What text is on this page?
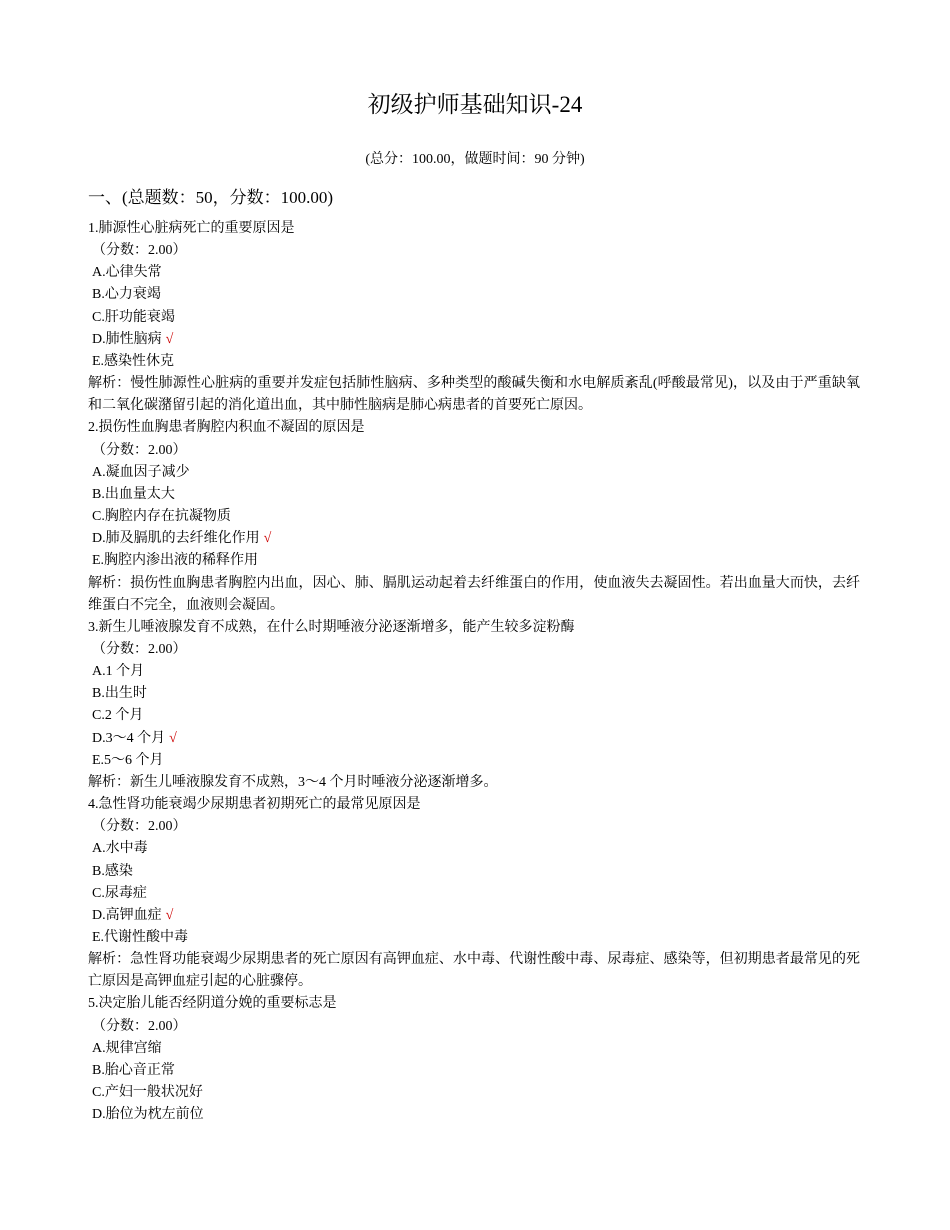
初级护师基础知识-24
(总分：100.00，做题时间：90 分钟)
一、(总题数：50，分数：100.00)
1.肺源性心脏病死亡的重要原因是
（分数：2.00）
A.心律失常
B.心力衰竭
C.肝功能衰竭
D.肺性脑病 √
E.感染性休克
解析：慢性肺源性心脏病的重要并发症包括肺性脑病、多种类型的酸碱失衡和水电解质紊乱(呼酸最常见)，以及由于严重缺氧和二氧化碳潴留引起的消化道出血，其中肺性脑病是肺心病患者的首要死亡原因。
2.损伤性血胸患者胸腔内积血不凝固的原因是
（分数：2.00）
A.凝血因子减少
B.出血量太大
C.胸腔内存在抗凝物质
D.肺及膈肌的去纤维化作用 √
E.胸腔内渗出液的稀释作用
解析：损伤性血胸患者胸腔内出血，因心、肺、膈肌运动起着去纤维蛋白的作用，使血液失去凝固性。若出血量大而快，去纤维蛋白不完全，血液则会凝固。
3.新生儿唾液腺发育不成熟，在什么时期唾液分泌逐渐增多，能产生较多淀粉酶
（分数：2.00）
A.1 个月
B.出生时
C.2 个月
D.3～4 个月 √
E.5～6 个月
解析：新生儿唾液腺发育不成熟，3～4 个月时唾液分泌逐渐增多。
4.急性肾功能衰竭少尿期患者初期死亡的最常见原因是
（分数：2.00）
A.水中毒
B.感染
C.尿毒症
D.高钾血症 √
E.代谢性酸中毒
解析：急性肾功能衰竭少尿期患者的死亡原因有高钾血症、水中毒、代谢性酸中毒、尿毒症、感染等，但初期患者最常见的死亡原因是高钾血症引起的心脏骤停。
5.决定胎儿能否经阴道分娩的重要标志是
（分数：2.00）
A.规律宫缩
B.胎心音正常
C.产妇一般状况好
D.胎位为枕左前位
